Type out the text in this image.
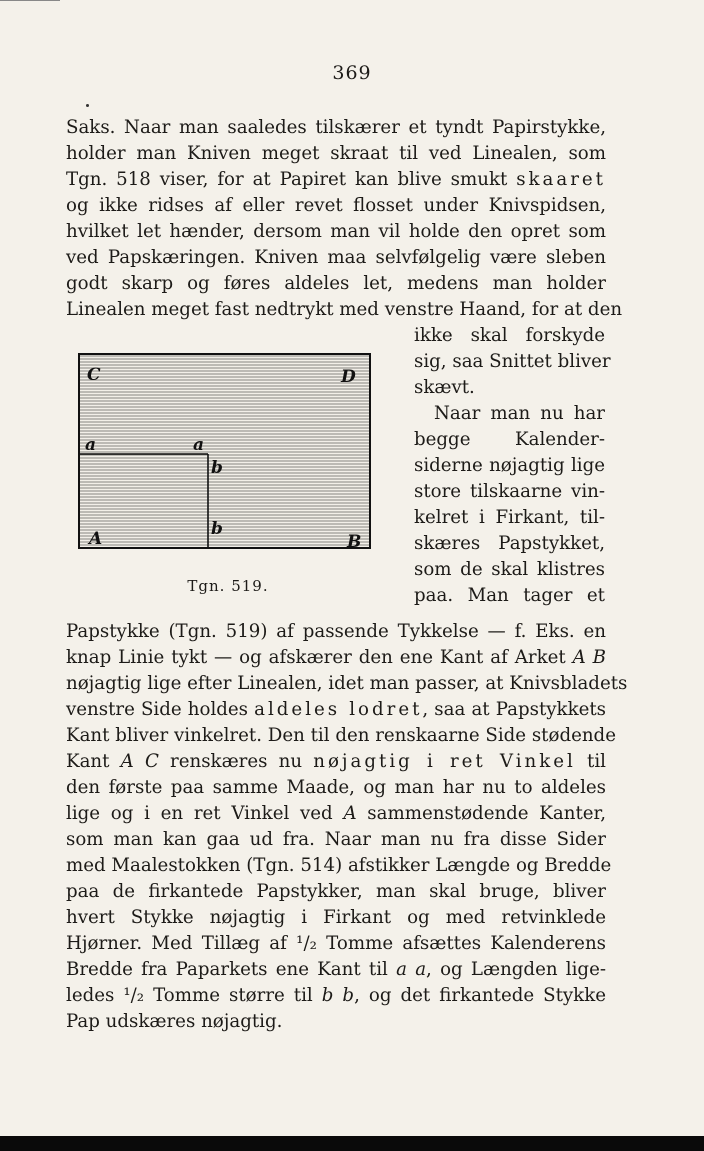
369
Saks. Naar man saaledes tilskærer et tyndt Papirstykke,
holder man Kniven meget skraat til ved Linealen, som
Tgn. 518 viser, for at Papiret kan blive smukt skaaret
og ikke ridses af eller revet flosset under Knivspidsen,
hvilket let hænder, dersom man vil holde den opret som
ved Papskæringen. Kniven maa selvfølgelig være sleben
godt skarp og føres aldeles let, medens man holder
Linealen meget fast nedtrykt med venstre Haand, for at den
ikke skal forskyde
sig, saa Snittet bliver
skævt.
Naar man nu har
begge Kalender-
siderne nøjagtig lige
store tilskaarne vin-
kelret i Firkant, til-
skæres Papstykket,
som de skal klistres
paa. Man tager et
C	D
a	a
b
b
A	B
Tgn. 519.
Papstykke (Tgn. 519) af passende Tykkelse — f. Eks. en
knap Linie tykt — og afskærer den ene Kant af Arket A B
nøjagtig lige efter Linealen, idet man passer, at Knivsbladets
venstre Side holdes aldeles lodret, saa at Papstykkets
Kant bliver vinkelret. Den til den renskaarne Side stødende
Kant A C renskæres nu nøjagtig i ret Vinkel til
den første paa samme Maade, og man har nu to aldeles
lige og i en ret Vinkel ved A sammenstødende Kanter,
som man kan gaa ud fra. Naar man nu fra disse Sider
med Maalestokken (Tgn. 514) afstikker Længde og Bredde
paa de firkantede Papstykker, man skal bruge, bliver
hvert Stykke nøjagtig i Firkant og med retvinklede
Hjørner. Med Tillæg af ¹/₂ Tomme afsættes Kalenderens
Bredde fra Paparkets ene Kant til a a, og Længden lige-
ledes ¹/₂ Tomme større til b b, og det firkantede Stykke
Pap udskæres nøjagtig.
